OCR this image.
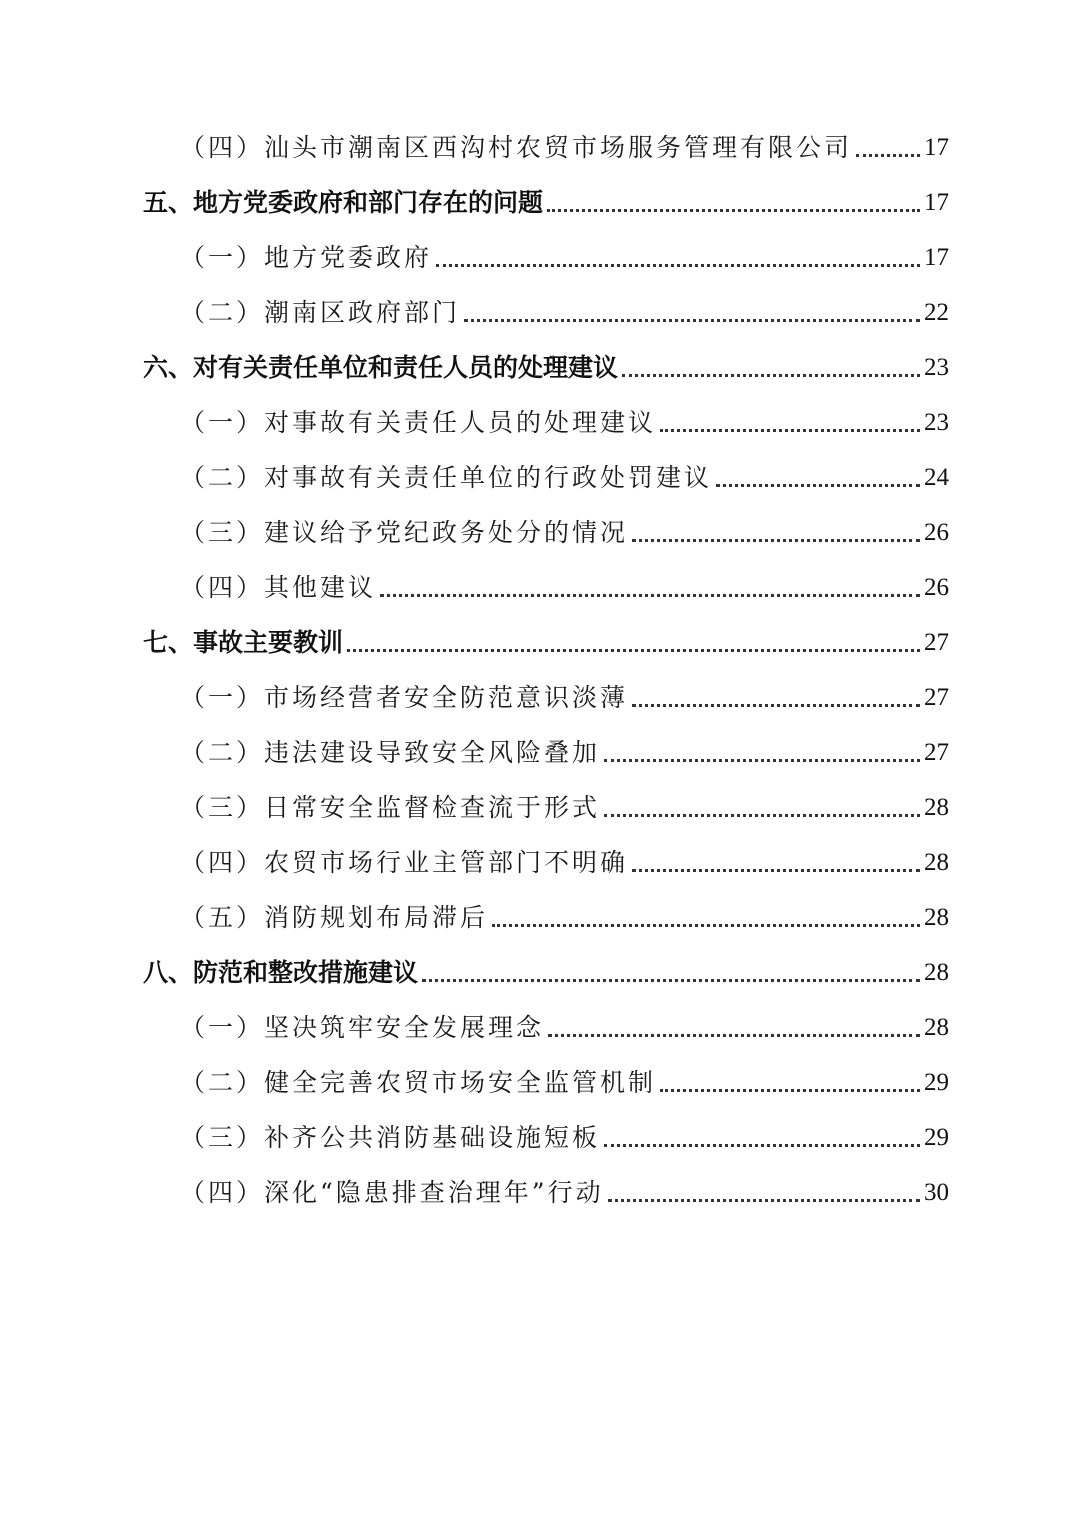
（四）汕头市潮南区西沟村农贸市场服务管理有限公司	17
五、地方党委政府和部门存在的问题	17
（一）地方党委政府	17
（二）潮南区政府部门	22
六、对有关责任单位和责任人员的处理建议	23
（一）对事故有关责任人员的处理建议	23
（二）对事故有关责任单位的行政处罚建议	24
（三）建议给予党纪政务处分的情况	26
（四）其他建议	26
七、事故主要教训	27
（一）市场经营者安全防范意识淡薄	27
（二）违法建设导致安全风险叠加	27
（三）日常安全监督检查流于形式	28
（四）农贸市场行业主管部门不明确	28
（五）消防规划布局滞后	28
八、防范和整改措施建议	28
（一）坚决筑牢安全发展理念	28
（二）健全完善农贸市场安全监管机制	29
（三）补齐公共消防基础设施短板	29
（四）深化“隐患排查治理年”行动	30
